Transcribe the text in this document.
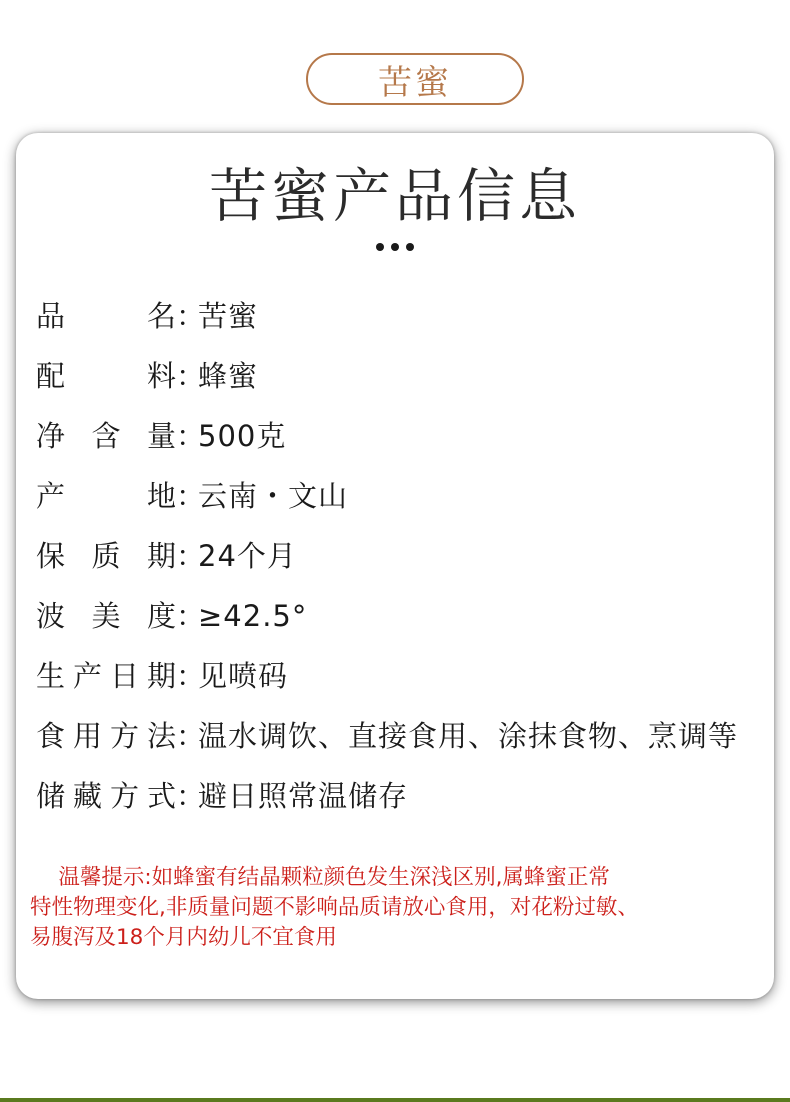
苦蜜
苦蜜产品信息
品	名 ：
苦蜜
配	料 ：
蜂蜜
净 含 量 ：
500克
产	地 ：
云南・文山
保 质 期 ：
24个月
波 美 度 ：
≥42.5°
生 产 日 期 ：
见喷码
食 用 方 法 ：
温水调饮、直接食用、涂抹食物、烹调等
储 藏 方 式 ：
避日照常温储存
　 温馨提示:如蜂蜜有结晶颗粒颜色发生深浅区别,属蜂蜜正常
特性物理变化,非质量问题不影响品质请放心食用，对花粉过敏、
易腹泻及18个月内幼儿不宜食用
